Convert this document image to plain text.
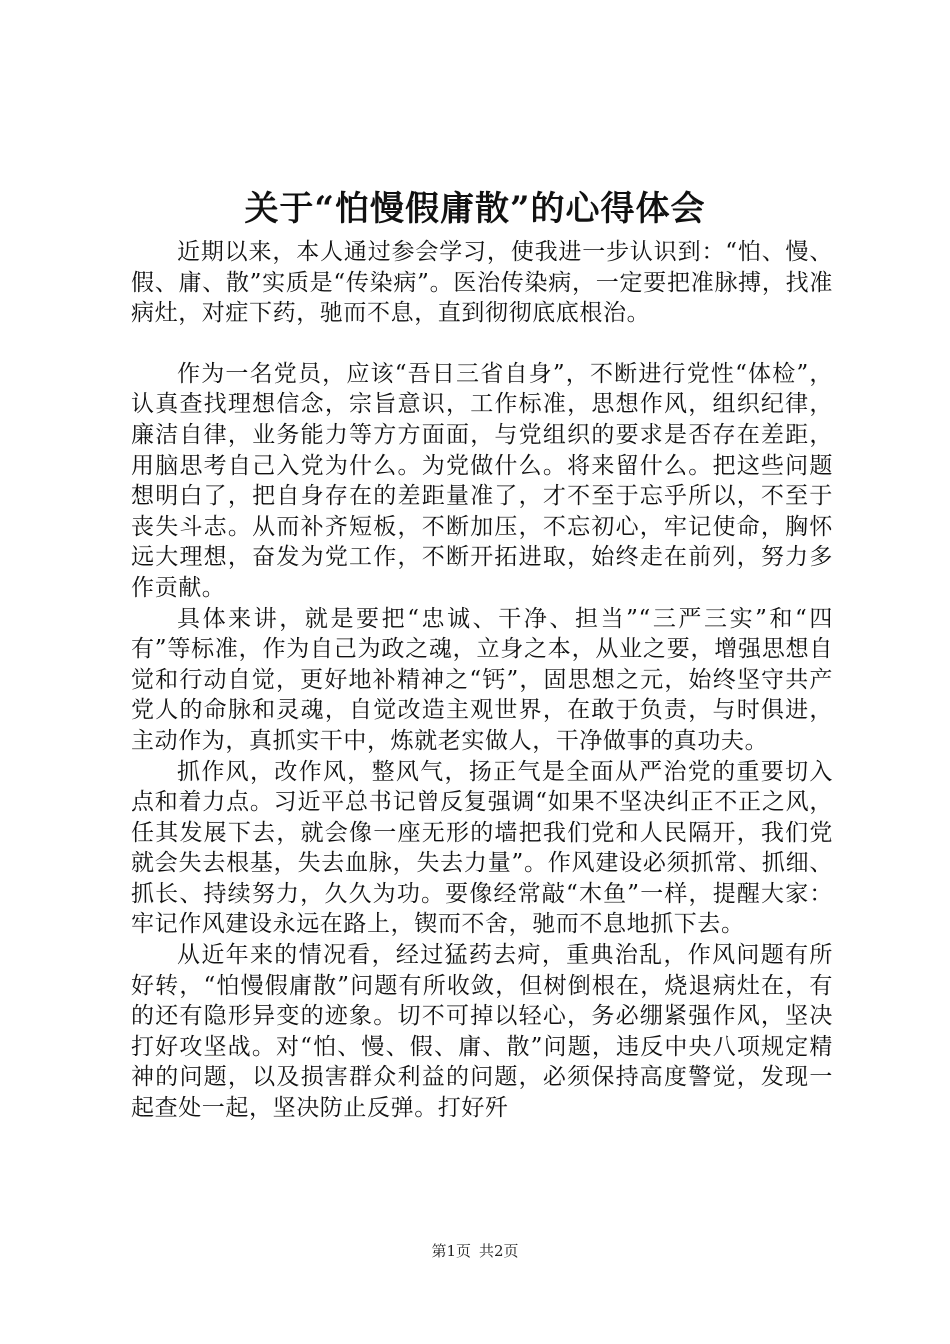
关于“怕慢假庸散”的心得体会

近期以来，本人通过参会学习，使我进一步认识到：“怕、慢、假、庸、散”实质是“传染病”。医治传染病，一定要把准脉搏，找准病灶，对症下药，驰而不息，直到彻彻底底根治。

作为一名党员，应该“吾日三省自身”，不断进行党性“体检”，认真查找理想信念，宗旨意识，工作标准，思想作风，组织纪律，廉洁自律，业务能力等方方面面，与党组织的要求是否存在差距，用脑思考自己入党为什么。为党做什么。将来留什么。把这些问题想明白了，把自身存在的差距量准了，才不至于忘乎所以，不至于丧失斗志。从而补齐短板，不断加压，不忘初心，牢记使命，胸怀远大理想，奋发为党工作，不断开拓进取，始终走在前列，努力多作贡献。

具体来讲，就是要把“忠诚、干净、担当”“三严三实”和“四有”等标准，作为自己为政之魂，立身之本，从业之要，增强思想自觉和行动自觉，更好地补精神之“钙”，固思想之元，始终坚守共产党人的命脉和灵魂，自觉改造主观世界，在敢于负责，与时俱进，主动作为，真抓实干中，炼就老实做人，干净做事的真功夫。

抓作风，改作风，整风气，扬正气是全面从严治党的重要切入点和着力点。习近平总书记曾反复强调“如果不坚决纠正不正之风，任其发展下去，就会像一座无形的墙把我们党和人民隔开，我们党就会失去根基，失去血脉，失去力量”。作风建设必须抓常、抓细、抓长、持续努力，久久为功。要像经常敲“木鱼”一样，提醒大家：牢记作风建设永远在路上，锲而不舍，驰而不息地抓下去。

从近年来的情况看，经过猛药去疴，重典治乱，作风问题有所好转，“怕慢假庸散”问题有所收敛，但树倒根在，烧退病灶在，有的还有隐形异变的迹象。切不可掉以轻心，务必绷紧强作风，坚决打好攻坚战。对“怕、慢、假、庸、散”问题，违反中央八项规定精神的问题，以及损害群众利益的问题，必须保持高度警觉，发现一起查处一起，坚决防止反弹。打好歼

第1页 共2页
